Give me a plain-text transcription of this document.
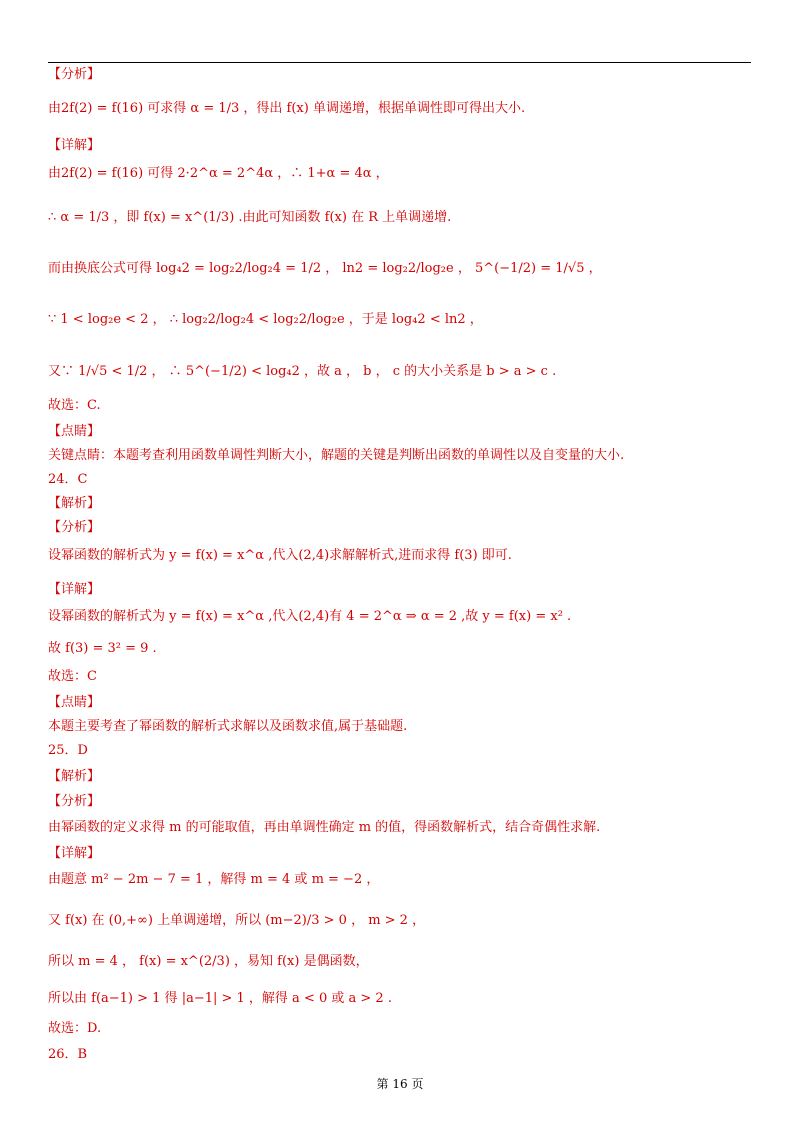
【分析】
由2f(2) = f(16) 可求得 α = 1/3 ，得出 f(x) 单调递增，根据单调性即可得出大小.
【详解】
由2f(2) = f(16) 可得 2·2^α = 2^4α ，∴ 1+α = 4α ，
∴ α = 1/3 ，即 f(x) = x^(1/3) .由此可知函数 f(x) 在 R 上单调递增.
而由换底公式可得 log₄2 = log₂2/log₂4 = 1/2 ， ln2 = log₂2/log₂e ， 5^(−1/2) = 1/√5 ，
∵ 1 < log₂e < 2 ， ∴ log₂2/log₂4 < log₂2/log₂e ，于是 log₄2 < ln2 ，
又∵ 1/√5 < 1/2 ， ∴ 5^(−1/2) < log₄2 ，故 a ， b ， c 的大小关系是 b > a > c .
故选：C.
【点睛】
关键点睛：本题考查利用函数单调性判断大小，解题的关键是判断出函数的单调性以及自变量的大小.
24．C
【解析】
【分析】
设幂函数的解析式为 y = f(x) = x^α ,代入(2,4)求解解析式,进而求得 f(3) 即可.
【详解】
设幂函数的解析式为 y = f(x) = x^α ,代入(2,4)有 4 = 2^α ⇒ α = 2 ,故 y = f(x) = x² .
故 f(3) = 3² = 9 .
故选：C
【点睛】
本题主要考查了幂函数的解析式求解以及函数求值,属于基础题.
25．D
【解析】
【分析】
由幂函数的定义求得 m 的可能取值，再由单调性确定 m 的值，得函数解析式，结合奇偶性求解.
【详解】
由题意 m² − 2m − 7 = 1 ，解得 m = 4 或 m = −2 ，
又 f(x) 在 (0,+∞) 上单调递增，所以 (m−2)/3 > 0 ， m > 2 ，
所以 m = 4 ， f(x) = x^(2/3) ，易知 f(x) 是偶函数，
所以由 f(a−1) > 1 得 |a−1| > 1 ，解得 a < 0 或 a > 2 .
故选：D.
26．B
第 16 页
